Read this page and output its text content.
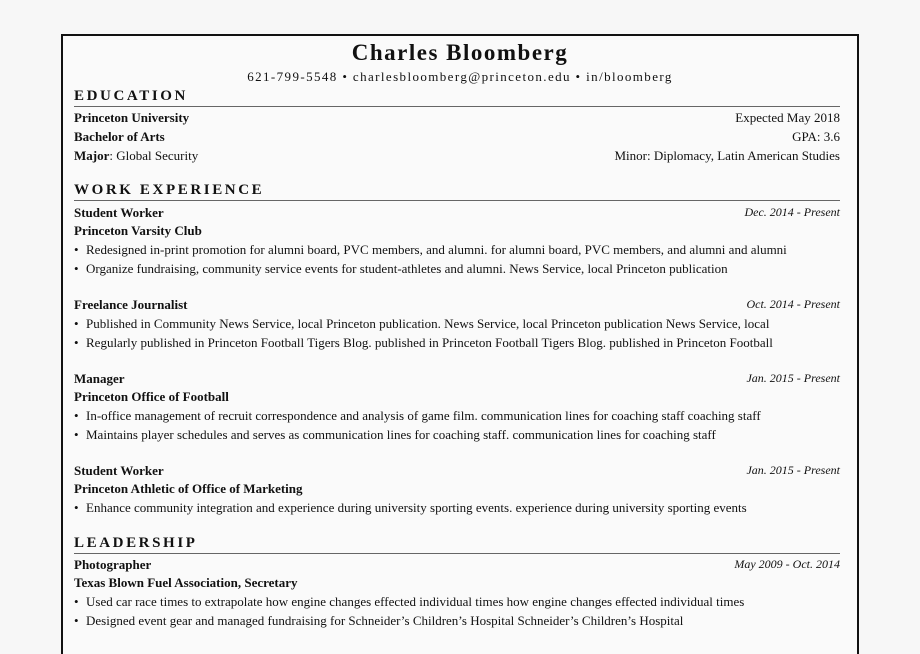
Charles Bloomberg
621-799-5548 • charlesbloomberg@princeton.edu • in/bloomberg
EDUCATION
Princeton University	Expected May 2018
Bachelor of Arts	GPA: 3.6
Major: Global Security	Minor: Diplomacy, Latin American Studies
WORK EXPERIENCE
Student Worker	Dec. 2014 - Present
Princeton Varsity Club
• Redesigned in-print promotion for alumni board, PVC members, and alumni. for alumni board, PVC members, and alumni and alumni
• Organize fundraising, community service events for student-athletes and alumni. News Service, local Princeton publication
Freelance Journalist	Oct. 2014 - Present
• Published in Community News Service, local Princeton publication. News Service, local Princeton publication News Service, local
• Regularly published in Princeton Football Tigers Blog. published in Princeton Football Tigers Blog. published in Princeton Football
Manager	Jan. 2015 - Present
Princeton Office of Football
• In-office management of recruit correspondence and analysis of game film. communication lines for coaching staff coaching staff
• Maintains player schedules and serves as communication lines for coaching staff. communication lines for coaching staff
Student Worker	Jan. 2015 - Present
Princeton Athletic of Office of Marketing
• Enhance community integration and experience during university sporting events. experience during university sporting events
LEADERSHIP
Photographer	May 2009 - Oct. 2014
Texas Blown Fuel Association, Secretary
• Used car race times to extrapolate how engine changes effected individual times how engine changes effected individual times
• Designed event gear and managed fundraising for Schneider’s Children’s Hospital Schneider’s Children’s Hospital
